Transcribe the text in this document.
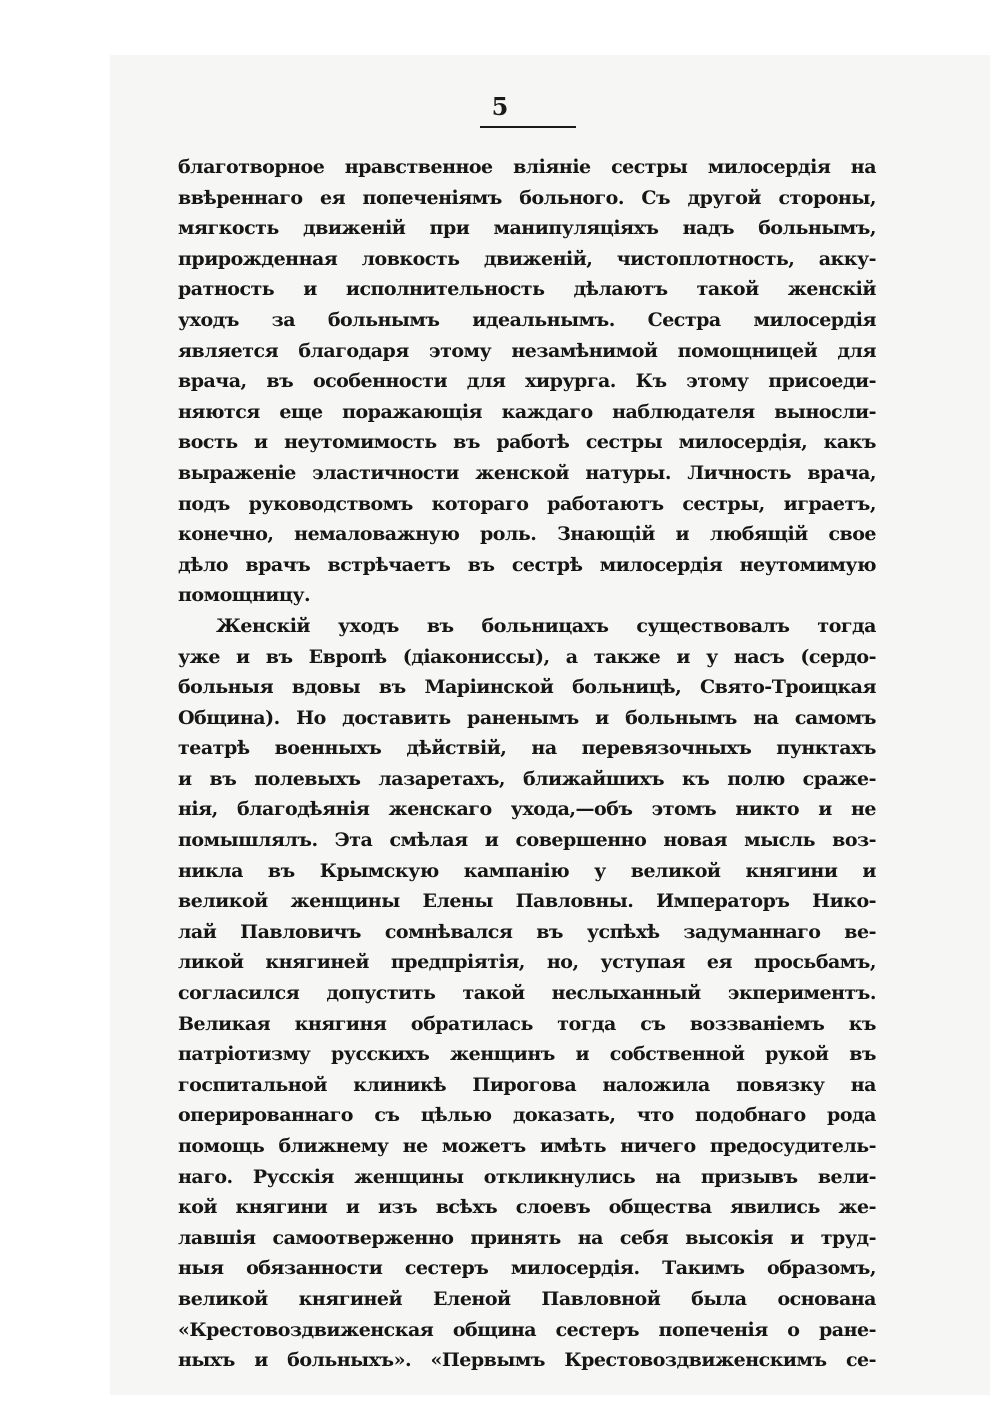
5
благотворное нравственное вліяніе сестры милосердія на
ввѣреннаго ея попеченіямъ больного. Съ другой стороны,
мягкость движеній при манипуляціяхъ надъ больнымъ,
прирожденная ловкость движеній, чистоплотность, акку-
ратность и исполнительность дѣлаютъ такой женскій
уходъ за больнымъ идеальнымъ. Сестра милосердія
является благодаря этому незамѣнимой помощницей для
врача, въ особенности для хирурга. Къ этому присоеди-
няются еще поражающія каждаго наблюдателя выносли-
вость и неутомимость въ работѣ сестры милосердія, какъ
выраженіе эластичности женской натуры. Личность врача,
подъ руководствомъ котораго работаютъ сестры, играетъ,
конечно, немаловажную роль. Знающій и любящій свое
дѣло врачъ встрѣчаетъ въ сестрѣ милосердія неутомимую
помощницу.
Женскій уходъ въ больницахъ существовалъ тогда
уже и въ Европѣ (діакониссы), а также и у насъ (сердо-
больныя вдовы въ Маріинской больницѣ, Свято-Троицкая
Община). Но доставить раненымъ и больнымъ на самомъ
театрѣ военныхъ дѣйствій, на перевязочныхъ пунктахъ
и въ полевыхъ лазаретахъ, ближайшихъ къ полю сраже-
нія, благодѣянія женскаго ухода,—объ этомъ никто и не
помышлялъ. Эта смѣлая и совершенно новая мысль воз-
никла въ Крымскую кампанію у великой княгини и
великой женщины Елены Павловны. Императоръ Нико-
лай Павловичъ сомнѣвался въ успѣхѣ задуманнаго ве-
ликой княгиней предпріятія, но, уступая ея просьбамъ,
согласился допустить такой неслыханный экпериментъ.
Великая княгиня обратилась тогда съ воззваніемъ къ
патріотизму русскихъ женщинъ и собственной рукой въ
госпитальной клиникѣ Пирогова наложила повязку на
оперированнаго съ цѣлью доказать, что подобнаго рода
помощь ближнему не можетъ имѣть ничего предосудитель-
наго. Русскія женщины откликнулись на призывъ вели-
кой княгини и изъ всѣхъ слоевъ общества явились же-
лавшія самоотверженно принять на себя высокія и труд-
ныя обязанности сестеръ милосердія. Такимъ образомъ,
великой княгиней Еленой Павловной была основана
«Крестовоздвиженская община сестеръ попеченія о ране-
ныхъ и больныхъ». «Первымъ Крестовоздвиженскимъ се-
